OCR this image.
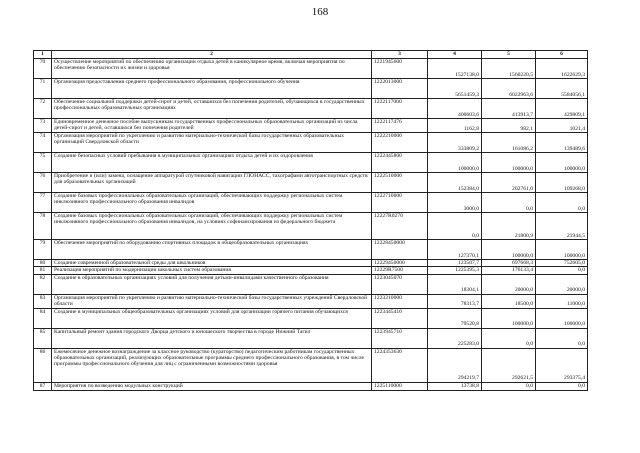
168
1	2	3	4	5	6
70	Осуществление мероприятий по обеспечению организации отдыха детей в каникулярное время, включая мероприятия по обеспечению безопасности их жизни и здоровья	1221945600	1527138,0	1560220,5	1622629,3
71	Организация предоставления среднего профессионального образования, профессионального обучения	1222013000	5651459,3	6022963,6	5584056,1
72	Обеспечение социальной поддержки детей-сирот и детей, оставшихся без попечения родителей, обучающихся в государственных профессиональных образовательных организациях	1222117000	400603,6	413913,7	429809,1
73	Единовременное денежное пособие выпускникам государственных профессиональных образовательных организаций из числа детей-сирот и детей, оставшихся без попечения родителей	1222117476	1162,8	982,1	1021,4
74	Организация мероприятий по укреплению и развитию материально-технической базы государственных образовательных организаций Свердловской области	1222210000	333809,2	161086,2	139489,6
75	Создание безопасных условий пребывания в муниципальных организациях отдыха детей и их оздоровления	1222445800	100000,0	100000,0	100000,0
76	Приобретение и (или) замена, оснащение аппаратурой спутниковой навигации ГЛОНАСС, тахографами автотранспортных средств для образовательных организаций	1222510000	152384,0	202761,0	109268,0
77	Создание базовых профессиональных образовательных организаций, обеспечивающих поддержку региональных систем инклюзивного профессионального образования инвалидов	1222710000	3000,0	0,0	0,0
78	Создание базовых профессиональных образовательных организаций, обеспечивающих поддержку региональных систем инклюзивного профессионального образования инвалидов, на условиях софинансирования из федерального бюджета	12227R0270	0,0	21800,9	21944,5
79	Обеспечение мероприятий по оборудованию спортивных площадок в общеобразовательных организациях	12228450000	127370,1	100000,0	100000,0
80	Создание современной образовательной среды для школьников	12229450000	123507,7	697668,3	752605,0
81	Реализация мероприятий по модернизации школьных систем образования	12229R7500	1225395,3	176133,4	0,0
82	Создание в образовательных организациях условий для получения детьми-инвалидами качественного образования	1223045070	18304,1	20000,0	20000,0
83	Организация мероприятий по укреплению и развитию материально-технической базы государственных учреждений Свердловской области	1223210000	78313,7	18500,0	11000,0
84	Создание в муниципальных общеобразовательных организациях условий для организации горячего питания обучающихся	1223445410	79520,8	100000,0	100000,0
85	Капитальный ремонт здания городского Дворца детского и юношеского творчества в городе Нижний Тагил	1223945710	225283,0	0,0	0,0
86	Ежемесячное денежное вознаграждение за классное руководство (кураторство) педагогическим работникам государственных образовательных организаций, реализующих образовательные программы среднего профессионального образования, в том числе программы профессионального обучения для лиц с ограниченными возможностями здоровья	1224353630	294219,7	292621,5	293375,4
87	Мероприятия по возведению модульных конструкций	1225110000	13738,8	0,0	0,0
